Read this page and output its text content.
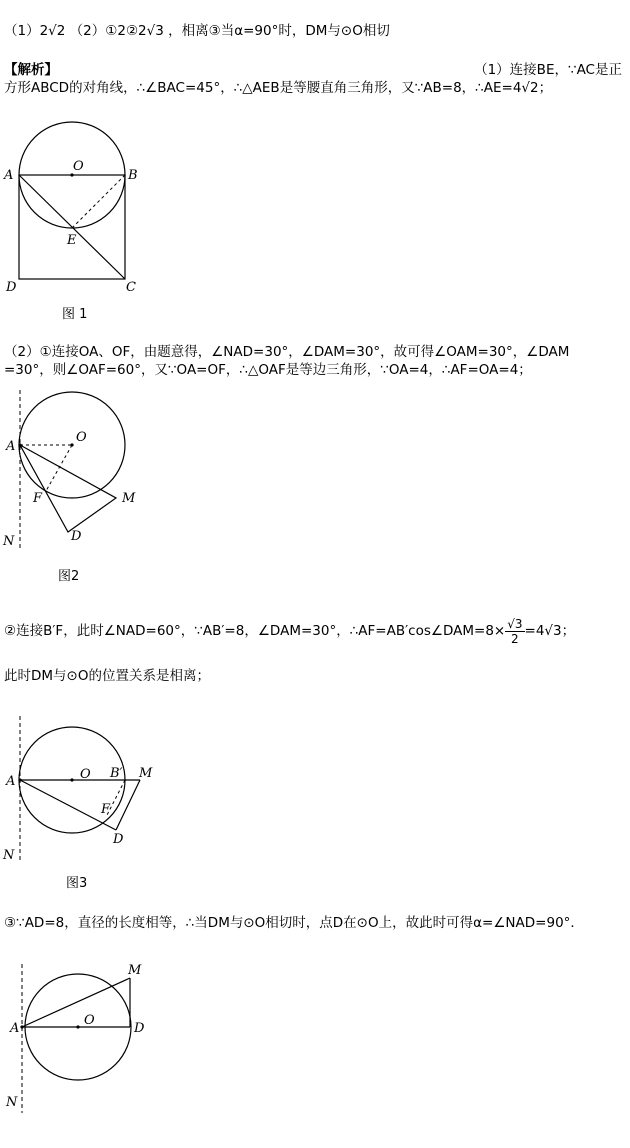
（1）2√2 （2）①2②2√3 ，相离③当α=90°时，DM与⊙O相切
【解析】	（1）连接BE，∵AC是正
方形ABCD的对角线，∴∠BAC=45°，∴△AEB是等腰直角三角形，又∵AB=8，∴AE=4√2；
A	B
O
E
D	C
图 1
（2）①连接OA、OF，由题意得，∠NAD=30°，∠DAM=30°，故可得∠OAM=30°，∠DAM
=30°，则∠OAF=60°，又∵OA=OF，∴△OAF是等边三角形，∵OA=4，∴AF=OA=4；
A
O
F	M
N	D
图2
②连接B′F，此时∠NAD=60°，∵AB′=8，∠DAM=30°，∴AF=AB′cos∠DAM=8× $\frac{√3}{2} =4√3$；
此时DM与⊙O的位置关系是相离；
A	O B′ M
F
D
N
图3
③∵AD=8，直径的长度相等，∴当DM与⊙O相切时，点D在⊙O上，故此时可得α=∠NAD=90°．
M
A
O
D
N
